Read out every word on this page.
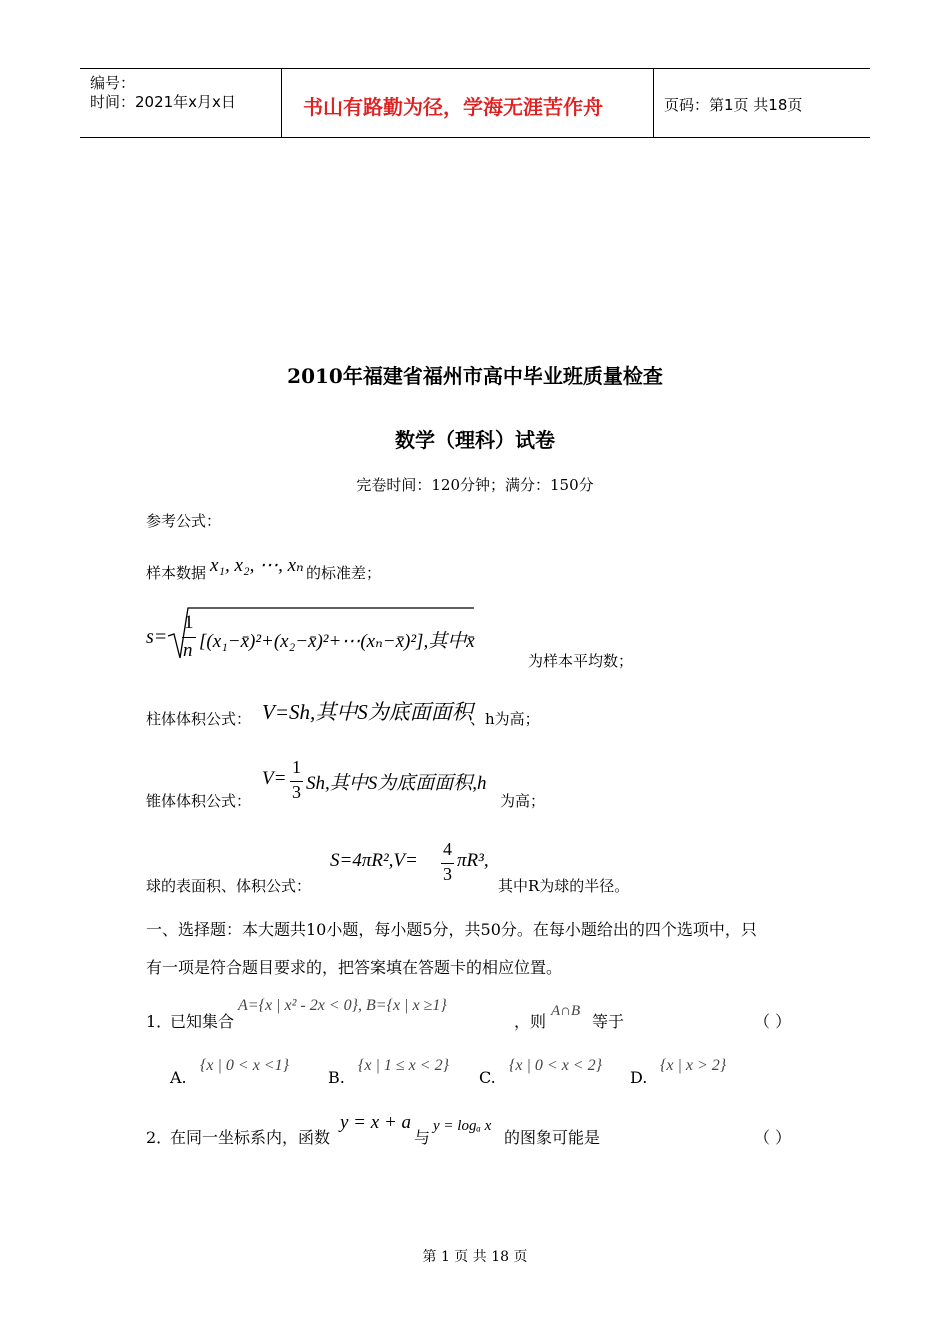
编号：
时间：2021年x月x日	书山有路勤为径，学海无涯苦作舟	页码：第1页 共18页
2010年福建省福州市高中毕业班质量检查
数学（理科）试卷
完卷时间：120分钟；满分：150分
参考公式：
样本数据 x₁, x₂, ⋯, xₙ 的标准差；
s=
1
n [(x₁−x̄)²+(x₂−x̄)²+⋯(xₙ−x̄)²],其中x̄
为样本平均数；
柱体体积公式： V=Sh,其中S为底面面积
、h为高；
锥体体积公式：
V=
1
3 Sh,其中S为底面面积,h
为高；
球的表面积、体积公式：
S=4πR²,V=
4
3
πR³,
其中R为球的半径。
一、选择题：本大题共10小题，每小题5分，共50分。在每小题给出的四个选项中，只
有一项是符合题目要求的，把答案填在答题卡的相应位置。
1．
已知集合
A={x | x² - 2x < 0}, B={x | x ≥1}
，则
A∩B
等于	（ ）
A.
{x | 0 < x <1}
B.
{x | 1 ≤ x < 2}
C.
{x | 0 < x < 2}
D.
{x | x > 2}
2．
在同一坐标系内，函数
y = x + a
与
y = logₐ x
的图象可能是	（ ）
第 1 页 共 18 页
